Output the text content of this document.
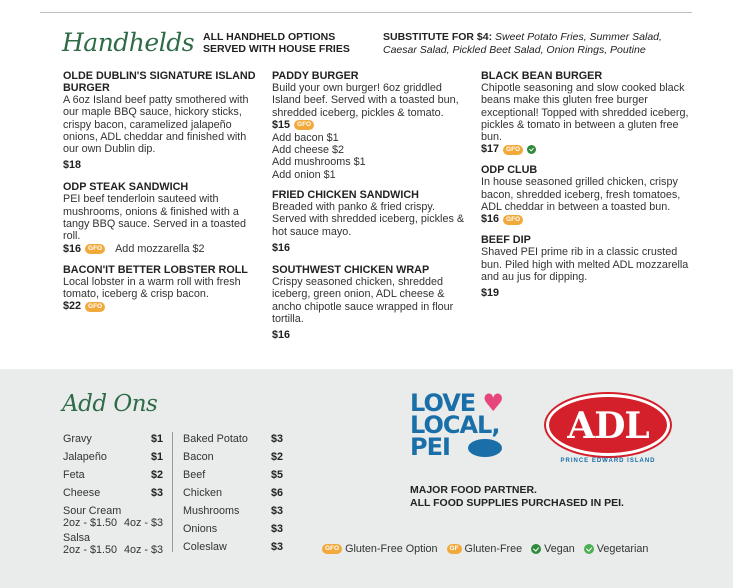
Handhelds ALL HANDHELD OPTIONS SERVED WITH HOUSE FRIES
SUBSTITUTE FOR $4: Sweet Potato Fries, Summer Salad, Caesar Salad, Pickled Beet Salad, Onion Rings, Poutine
OLDE DUBLIN'S SIGNATURE ISLAND BURGER
A 6oz Island beef patty smothered with our maple BBQ sauce, hickory sticks, crispy bacon, caramelized jalapeño onions, ADL cheddar and finished with our own Dublin dip.
$18
ODP STEAK SANDWICH
PEI beef tenderloin sauteed with mushrooms, onions & finished with a tangy BBQ sauce. Served in a toasted roll.
$16	GFO Add mozzarella $2
BACON'IT BETTER LOBSTER ROLL
Local lobster in a warm roll with fresh tomato, iceberg & crisp bacon.
$22	GFO
PADDY BURGER
Build your own burger! 6oz griddled Island beef. Served with a toasted bun, shredded iceberg, pickles & tomato.
$15	GFO
Add bacon $1
Add cheese $2
Add mushrooms $1
Add onion $1
FRIED CHICKEN SANDWICH
Breaded with panko & fried crispy. Served with shredded iceberg, pickles & hot sauce mayo.
$16
SOUTHWEST CHICKEN WRAP
Crispy seasoned chicken, shredded iceberg, green onion, ADL cheese & ancho chipotle sauce wrapped in flour tortilla.
$16
BLACK BEAN BURGER
Chipotle seasoning and slow cooked black beans make this gluten free burger exceptional! Topped with shredded iceberg, pickles & tomato in between a gluten free bun.
$17	GFO
ODP CLUB
In house seasoned grilled chicken, crispy bacon, shredded iceberg, fresh tomatoes, ADL cheddar in between a toasted bun.
$16	GFO
BEEF DIP
Shaved PEI prime rib in a classic crusted bun. Piled high with melted ADL mozzarella and au jus for dipping.
$19
Add Ons
Gravy	$1
Jalapeño	$1
Feta	$2
Cheese	$3
Sour Cream
2oz - $1.50 4oz - $3
Salsa
2oz - $1.50 4oz - $3
Baked Potato $3
Bacon	$2
Beef	$5
Chicken	$6
Mushrooms	$3
Onions	$3
Coleslaw	$3
LOVE ♥
LOCAL,
PEI	ADL
PRINCE EDWARD ISLAND
MAJOR FOOD PARTNER.
ALL FOOD SUPPLIES PURCHASED IN PEI.
GFO Gluten-Free Option	GF Gluten-Free Vegan Vegetarian
